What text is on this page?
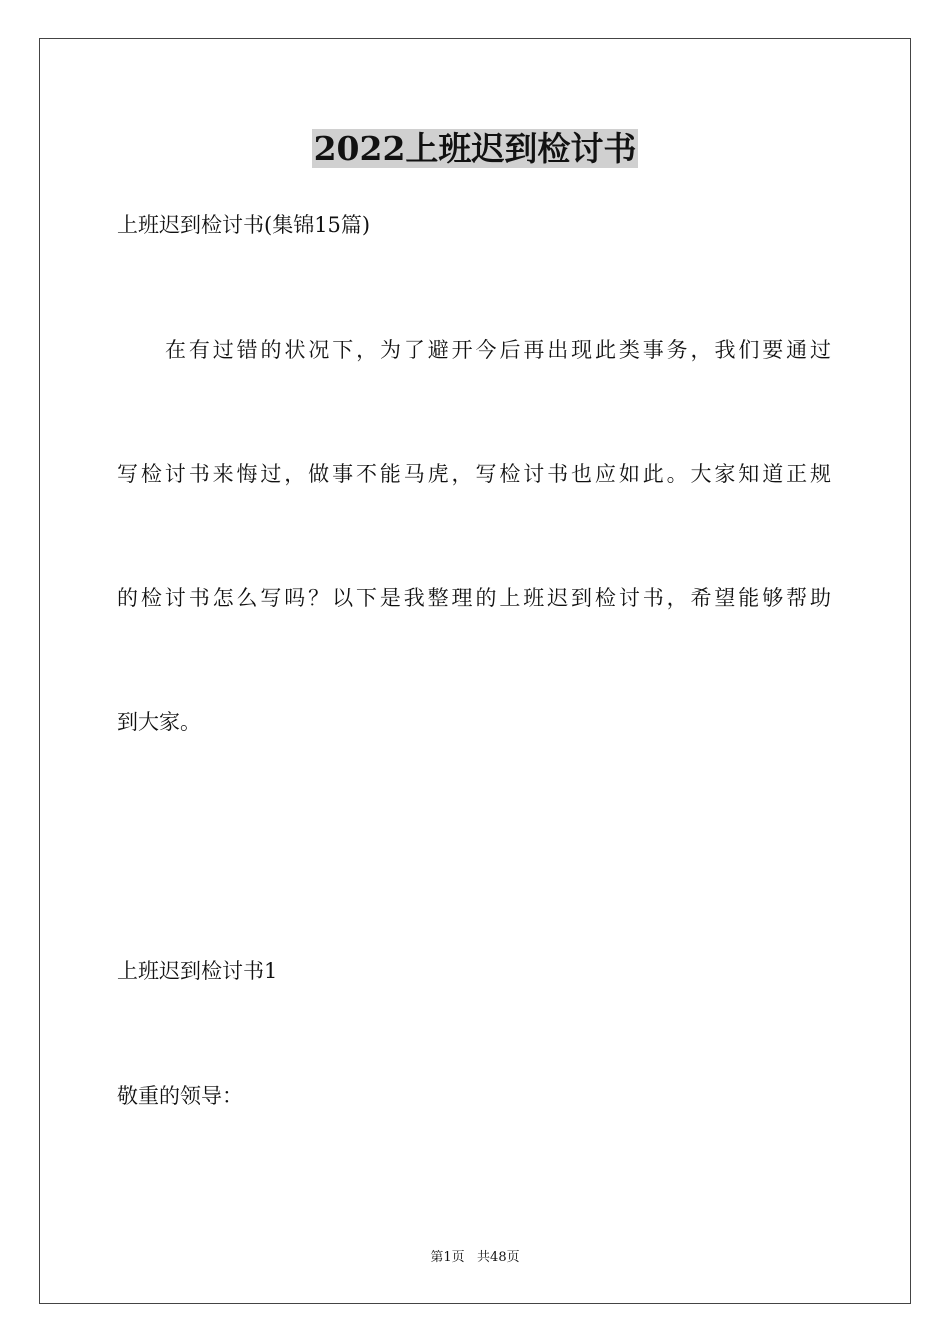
2022上班迟到检讨书
上班迟到检讨书(集锦15篇)
在有过错的状况下，为了避开今后再出现此类事务，我们要通过
写检讨书来悔过，做事不能马虎，写检讨书也应如此。大家知道正规
的检讨书怎么写吗？以下是我整理的上班迟到检讨书，希望能够帮助
到大家。
上班迟到检讨书1
敬重的领导：
第1页   共48页
